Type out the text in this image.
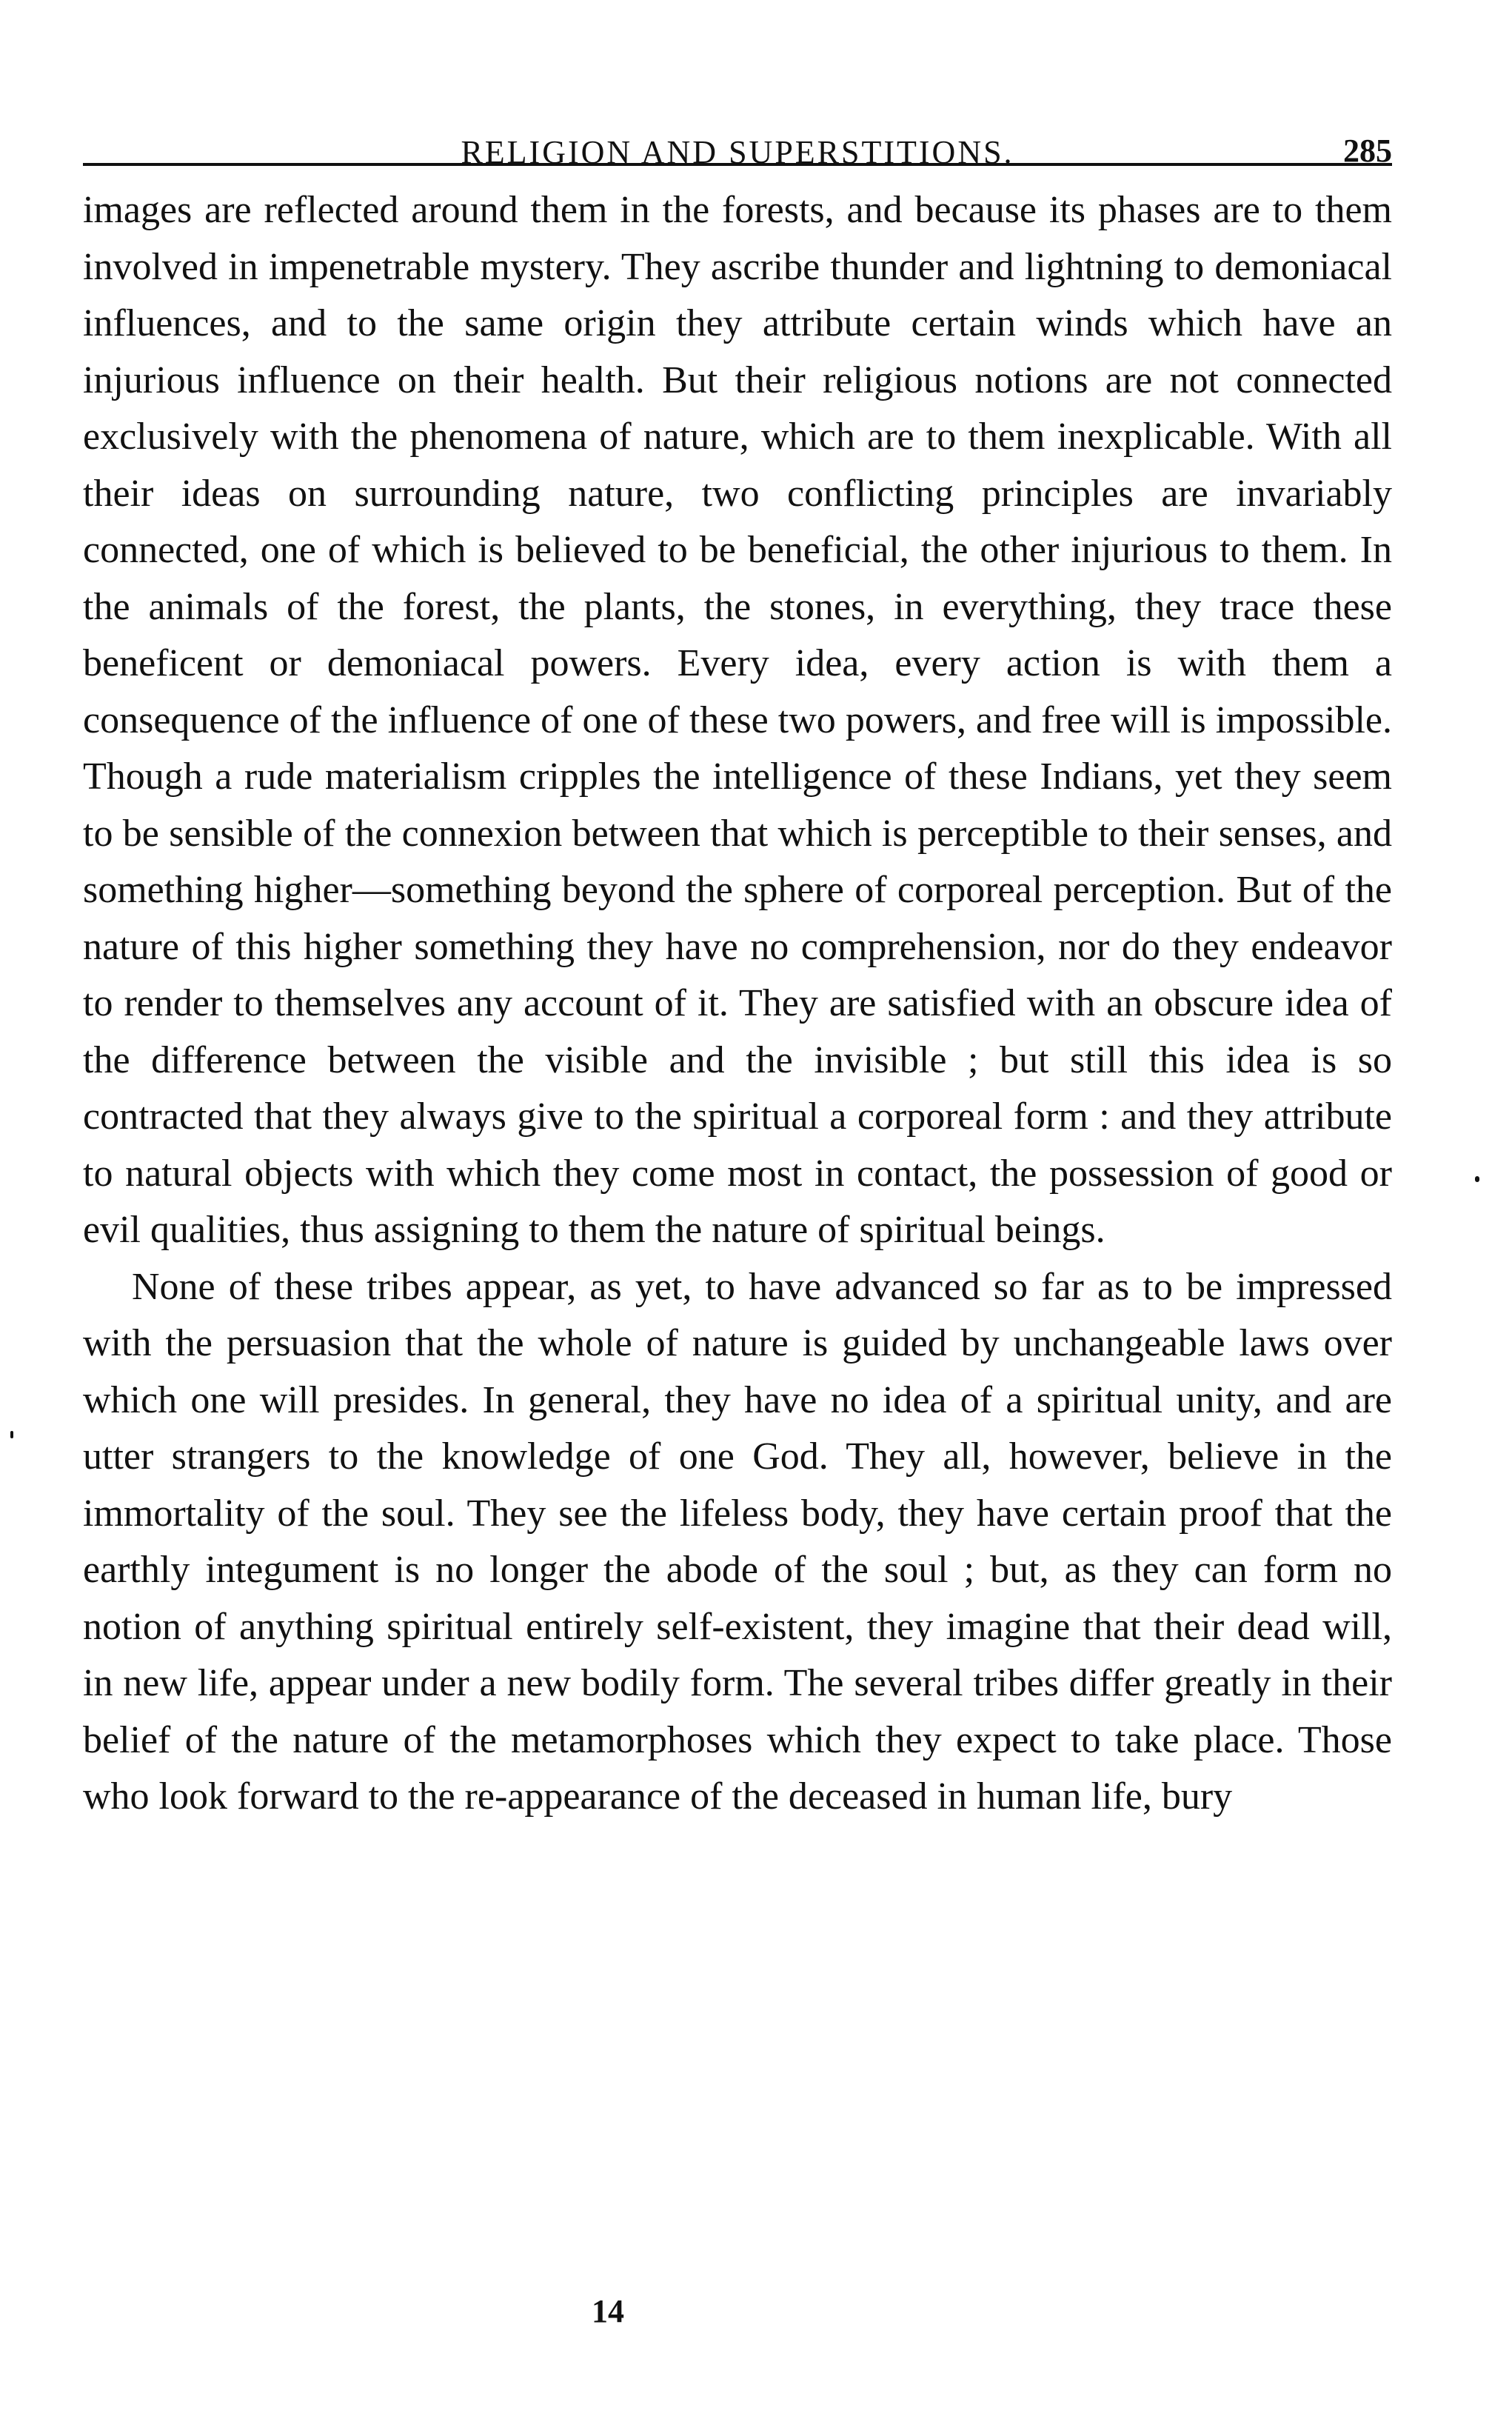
RELIGION AND SUPERSTITIONS.	285

images are reflected around them in the forests, and because its phases are to them involved in impenetrable mystery. They ascribe thunder and lightning to demoniacal influences, and to the same origin they attribute certain winds which have an injurious influence on their health. But their religious notions are not connected exclusively with the phenomena of nature, which are to them inexplicable. With all their ideas on surrounding nature, two conflicting principles are invariably connected, one of which is believed to be beneficial, the other injurious to them. In the animals of the forest, the plants, the stones, in everything, they trace these beneficent or demoniacal powers. Every idea, every action is with them a consequence of the influence of one of these two powers, and free will is impossible. Though a rude materialism cripples the intelligence of these Indians, yet they seem to be sensible of the connexion between that which is perceptible to their senses, and something higher—something beyond the sphere of corporeal perception. But of the nature of this higher something they have no comprehension, nor do they endeavor to render to themselves any account of it. They are satisfied with an obscure idea of the difference between the visible and the invisible ; but still this idea is so contracted that they always give to the spiritual a corporeal form : and they attribute to natural objects with which they come most in contact, the possession of good or evil qualities, thus assigning to them the nature of spiritual beings.

None of these tribes appear, as yet, to have advanced so far as to be impressed with the persuasion that the whole of nature is guided by unchangeable laws over which one will presides. In general, they have no idea of a spiritual unity, and are utter strangers to the knowledge of one God. They all, however, believe in the immortality of the soul. They see the lifeless body, they have certain proof that the earthly integument is no longer the abode of the soul ; but, as they can form no notion of anything spiritual entirely self-existent, they imagine that their dead will, in new life, appear under a new bodily form. The several tribes differ greatly in their belief of the nature of the metamorphoses which they expect to take place. Those who look forward to the re-appearance of the deceased in human life, bury

14
